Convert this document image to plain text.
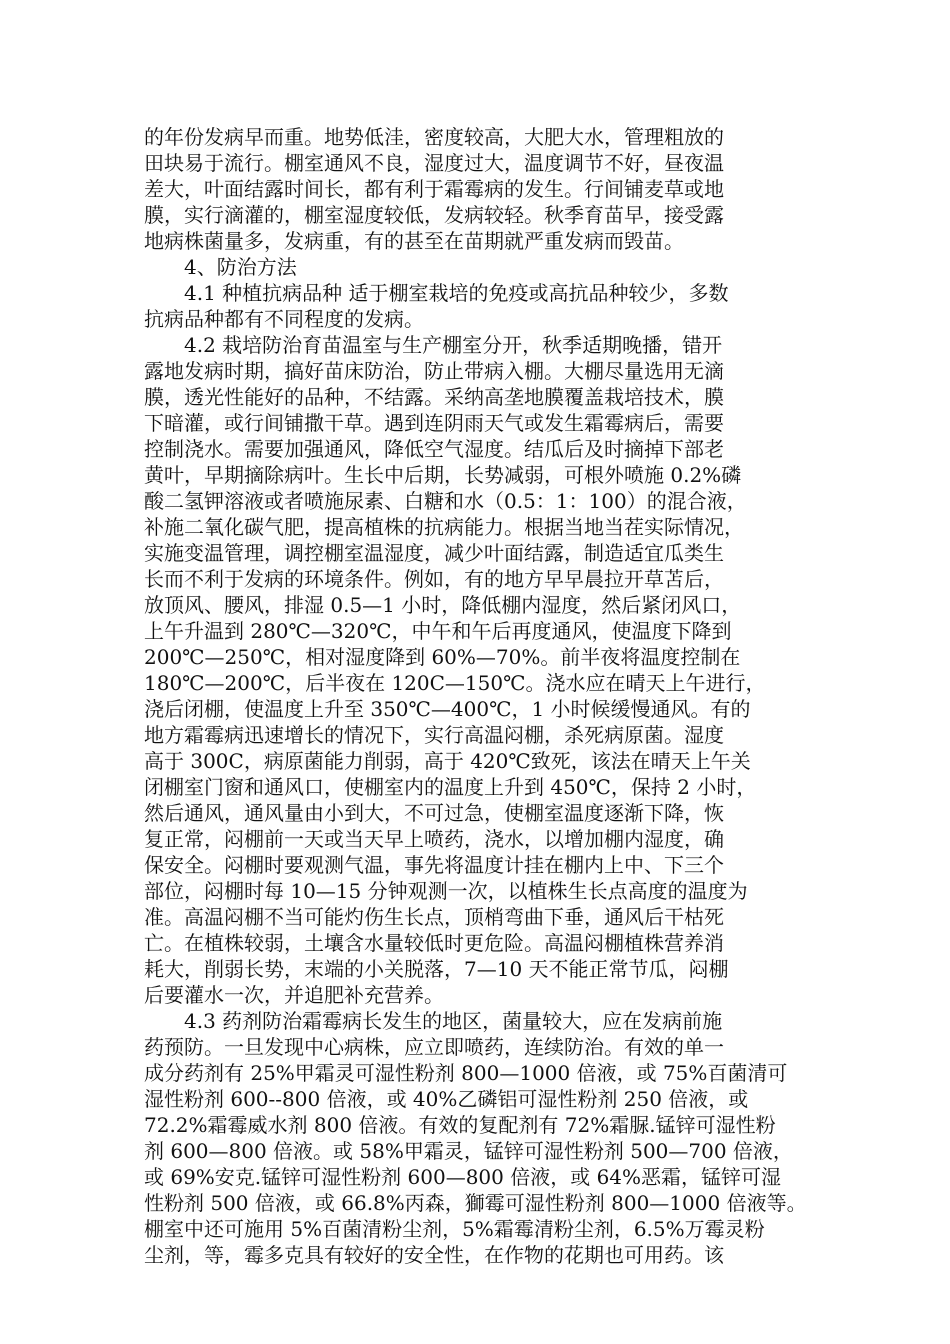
的年份发病早而重。地势低洼，密度较高，大肥大水，管理粗放的
田块易于流行。棚室通风不良，湿度过大，温度调节不好，昼夜温
差大，叶面结露时间长，都有利于霜霉病的发生。行间铺麦草或地
膜，实行滴灌的，棚室湿度较低，发病较轻。秋季育苗早，接受露
地病株菌量多，发病重，有的甚至在苗期就严重发病而毁苗。
　　4、防治方法
　　4.1 种植抗病品种 适于棚室栽培的免疫或高抗品种较少，多数
抗病品种都有不同程度的发病。
　　4.2 栽培防治育苗温室与生产棚室分开，秋季适期晚播，错开
露地发病时期，搞好苗床防治，防止带病入棚。大棚尽量选用无滴
膜，透光性能好的品种，不结露。采纳高垄地膜覆盖栽培技术，膜
下暗灌，或行间铺撒干草。遇到连阴雨天气或发生霜霉病后，需要
控制浇水。需要加强通风，降低空气湿度。结瓜后及时摘掉下部老
黄叶，早期摘除病叶。生长中后期，长势减弱，可根外喷施 0.2%磷
酸二氢钾溶液或者喷施尿素、白糖和水（0.5：1：100）的混合液，
补施二氧化碳气肥，提高植株的抗病能力。根据当地当茬实际情况，
实施变温管理，调控棚室温湿度，减少叶面结露，制造适宜瓜类生
长而不利于发病的环境条件。例如，有的地方早早晨拉开草苫后，
放顶风、腰风，排湿 0.5—1 小时，降低棚内湿度，然后紧闭风口，
上午升温到 280℃—320℃，中午和午后再度通风，使温度下降到
200℃—250℃，相对湿度降到 60%—70%。前半夜将温度控制在
180℃—200℃，后半夜在 120C—150℃。浇水应在晴天上午进行，
浇后闭棚，使温度上升至 350℃—400℃，1 小时候缓慢通风。有的
地方霜霉病迅速增长的情况下，实行高温闷棚，杀死病原菌。湿度
高于 300C，病原菌能力削弱，高于 420℃致死，该法在晴天上午关
闭棚室门窗和通风口，使棚室内的温度上升到 450℃，保持 2 小时，
然后通风，通风量由小到大，不可过急，使棚室温度逐渐下降，恢
复正常，闷棚前一天或当天早上喷药，浇水，以增加棚内湿度，确
保安全。闷棚时要观测气温，事先将温度计挂在棚内上中、下三个
部位，闷棚时每 10—15 分钟观测一次，以植株生长点高度的温度为
准。高温闷棚不当可能灼伤生长点，顶梢弯曲下垂，通风后干枯死
亡。在植株较弱，土壤含水量较低时更危险。高温闷棚植株营养消
耗大，削弱长势，末端的小关脱落，7—10 天不能正常节瓜，闷棚
后要灌水一次，并追肥补充营养。
　　4.3 药剂防治霜霉病长发生的地区，菌量较大，应在发病前施
药预防。一旦发现中心病株，应立即喷药，连续防治。有效的单一
成分药剂有 25%甲霜灵可湿性粉剂 800—1000 倍液，或 75%百菌清可
湿性粉剂 600--800 倍液，或 40%乙磷铝可湿性粉剂 250 倍液，或
72.2%霜霉威水剂 800 倍液。有效的复配剂有 72%霜脲.锰锌可湿性粉
剂 600—800 倍液。或 58%甲霜灵，锰锌可湿性粉剂 500—700 倍液，
或 69%安克.锰锌可湿性粉剂 600—800 倍液，或 64%恶霜，锰锌可湿
性粉剂 500 倍液，或 66.8%丙森，獅霉可湿性粉剂 800—1000 倍液等。
棚室中还可施用 5%百菌清粉尘剂，5%霜霉清粉尘剂，6.5%万霉灵粉
尘剂，等，霉多克具有较好的安全性，在作物的花期也可用药。该
